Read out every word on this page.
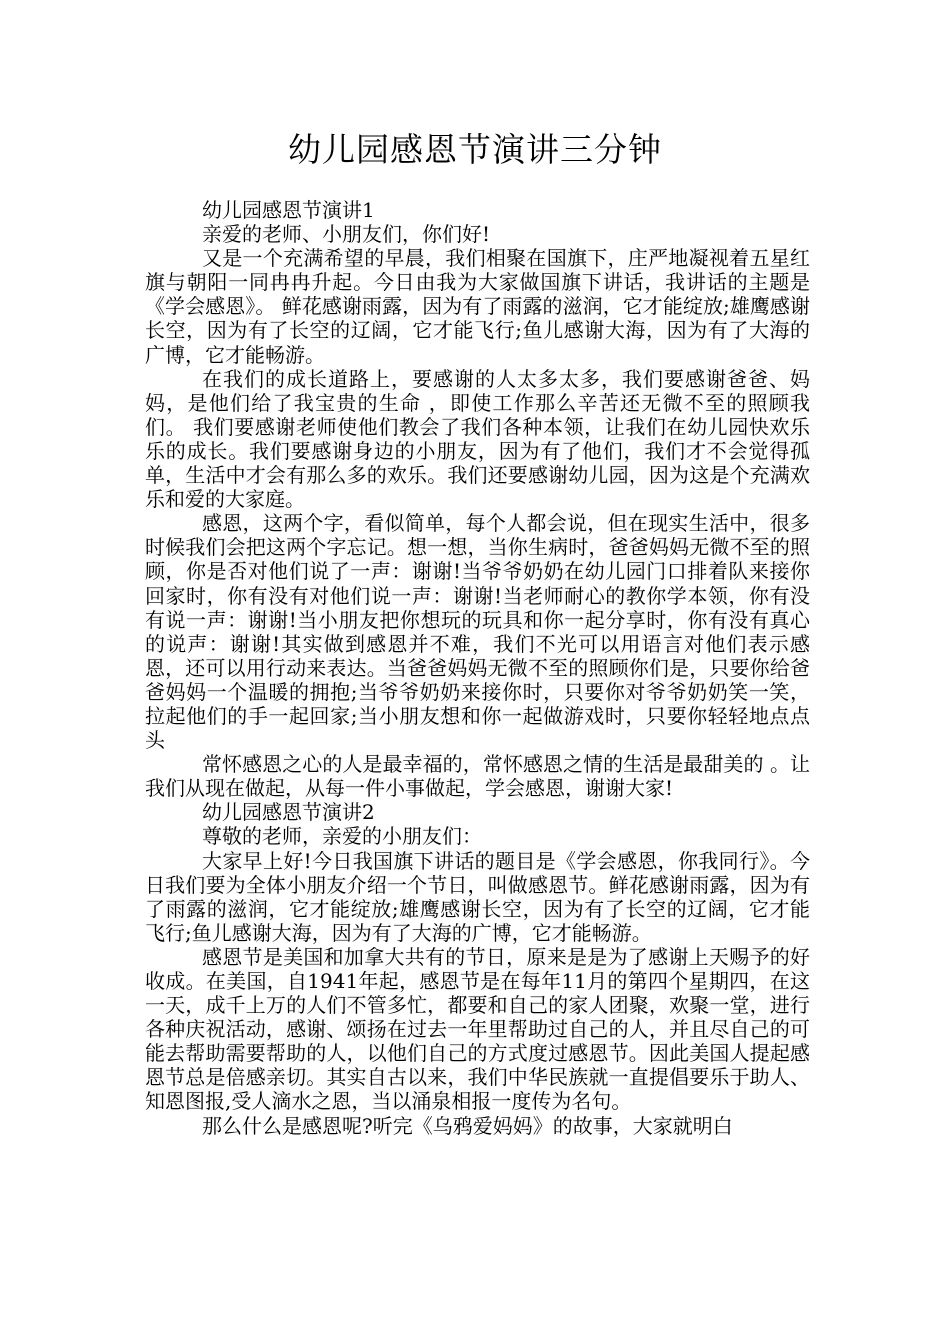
幼儿园感恩节演讲三分钟

幼儿园感恩节演讲1

亲爱的老师、小朋友们，你们好!

又是一个充满希望的早晨，我们相聚在国旗下，庄严地凝视着五星红旗与朝阳一同冉冉升起。今日由我为大家做国旗下讲话，我讲话的主题是《学会感恩》。 鲜花感谢雨露，因为有了雨露的滋润，它才能绽放;雄鹰感谢长空，因为有了长空的辽阔，它才能飞行;鱼儿感谢大海，因为有了大海的广博，它才能畅游。

在我们的成长道路上，要感谢的人太多太多，我们要感谢爸爸、妈妈，是他们给了我宝贵的生命 ，即使工作那么辛苦还无微不至的照顾我们。 我们要感谢老师使他们教会了我们各种本领，让我们在幼儿园快欢乐乐的成长。我们要感谢身边的小朋友，因为有了他们，我们才不会觉得孤单，生活中才会有那么多的欢乐。我们还要感谢幼儿园，因为这是个充满欢乐和爱的大家庭。

感恩，这两个字，看似简单，每个人都会说，但在现实生活中，很多时候我们会把这两个字忘记。想一想，当你生病时，爸爸妈妈无微不至的照顾，你是否对他们说了一声：谢谢!当爷爷奶奶在幼儿园门口排着队来接你回家时，你有没有对他们说一声：谢谢!当老师耐心的教你学本领，你有没有说一声：谢谢!当小朋友把你想玩的玩具和你一起分享时，你有没有真心的说声：谢谢!其实做到感恩并不难，我们不光可以用语言对他们表示感恩，还可以用行动来表达。当爸爸妈妈无微不至的照顾你们是，只要你给爸爸妈妈一个温暖的拥抱;当爷爷奶奶来接你时，只要你对爷爷奶奶笑一笑，拉起他们的手一起回家;当小朋友想和你一起做游戏时，只要你轻轻地点点头

常怀感恩之心的人是最幸福的，常怀感恩之情的生活是最甜美的 。让我们从现在做起，从每一件小事做起，学会感恩，谢谢大家!

幼儿园感恩节演讲2

尊敬的老师，亲爱的小朋友们：

大家早上好!今日我国旗下讲话的题目是《学会感恩，你我同行》。今日我们要为全体小朋友介绍一个节日，叫做感恩节。鲜花感谢雨露，因为有了雨露的滋润，它才能绽放;雄鹰感谢长空，因为有了长空的辽阔，它才能飞行;鱼儿感谢大海，因为有了大海的广博，它才能畅游。

感恩节是美国和加拿大共有的节日，原来是是为了感谢上天赐予的好收成。在美国，自1941年起，感恩节是在每年11月的第四个星期四，在这一天，成千上万的人们不管多忙，都要和自己的家人团聚，欢聚一堂，进行各种庆祝活动，感谢、颂扬在过去一年里帮助过自己的人，并且尽自己的可能去帮助需要帮助的人，以他们自己的方式度过感恩节。因此美国人提起感恩节总是倍感亲切。其实自古以来，我们中华民族就一直提倡要乐于助人、知恩图报,受人滴水之恩，当以涌泉相报一度传为名句。

那么什么是感恩呢?听完《乌鸦爱妈妈》的故事，大家就明白
